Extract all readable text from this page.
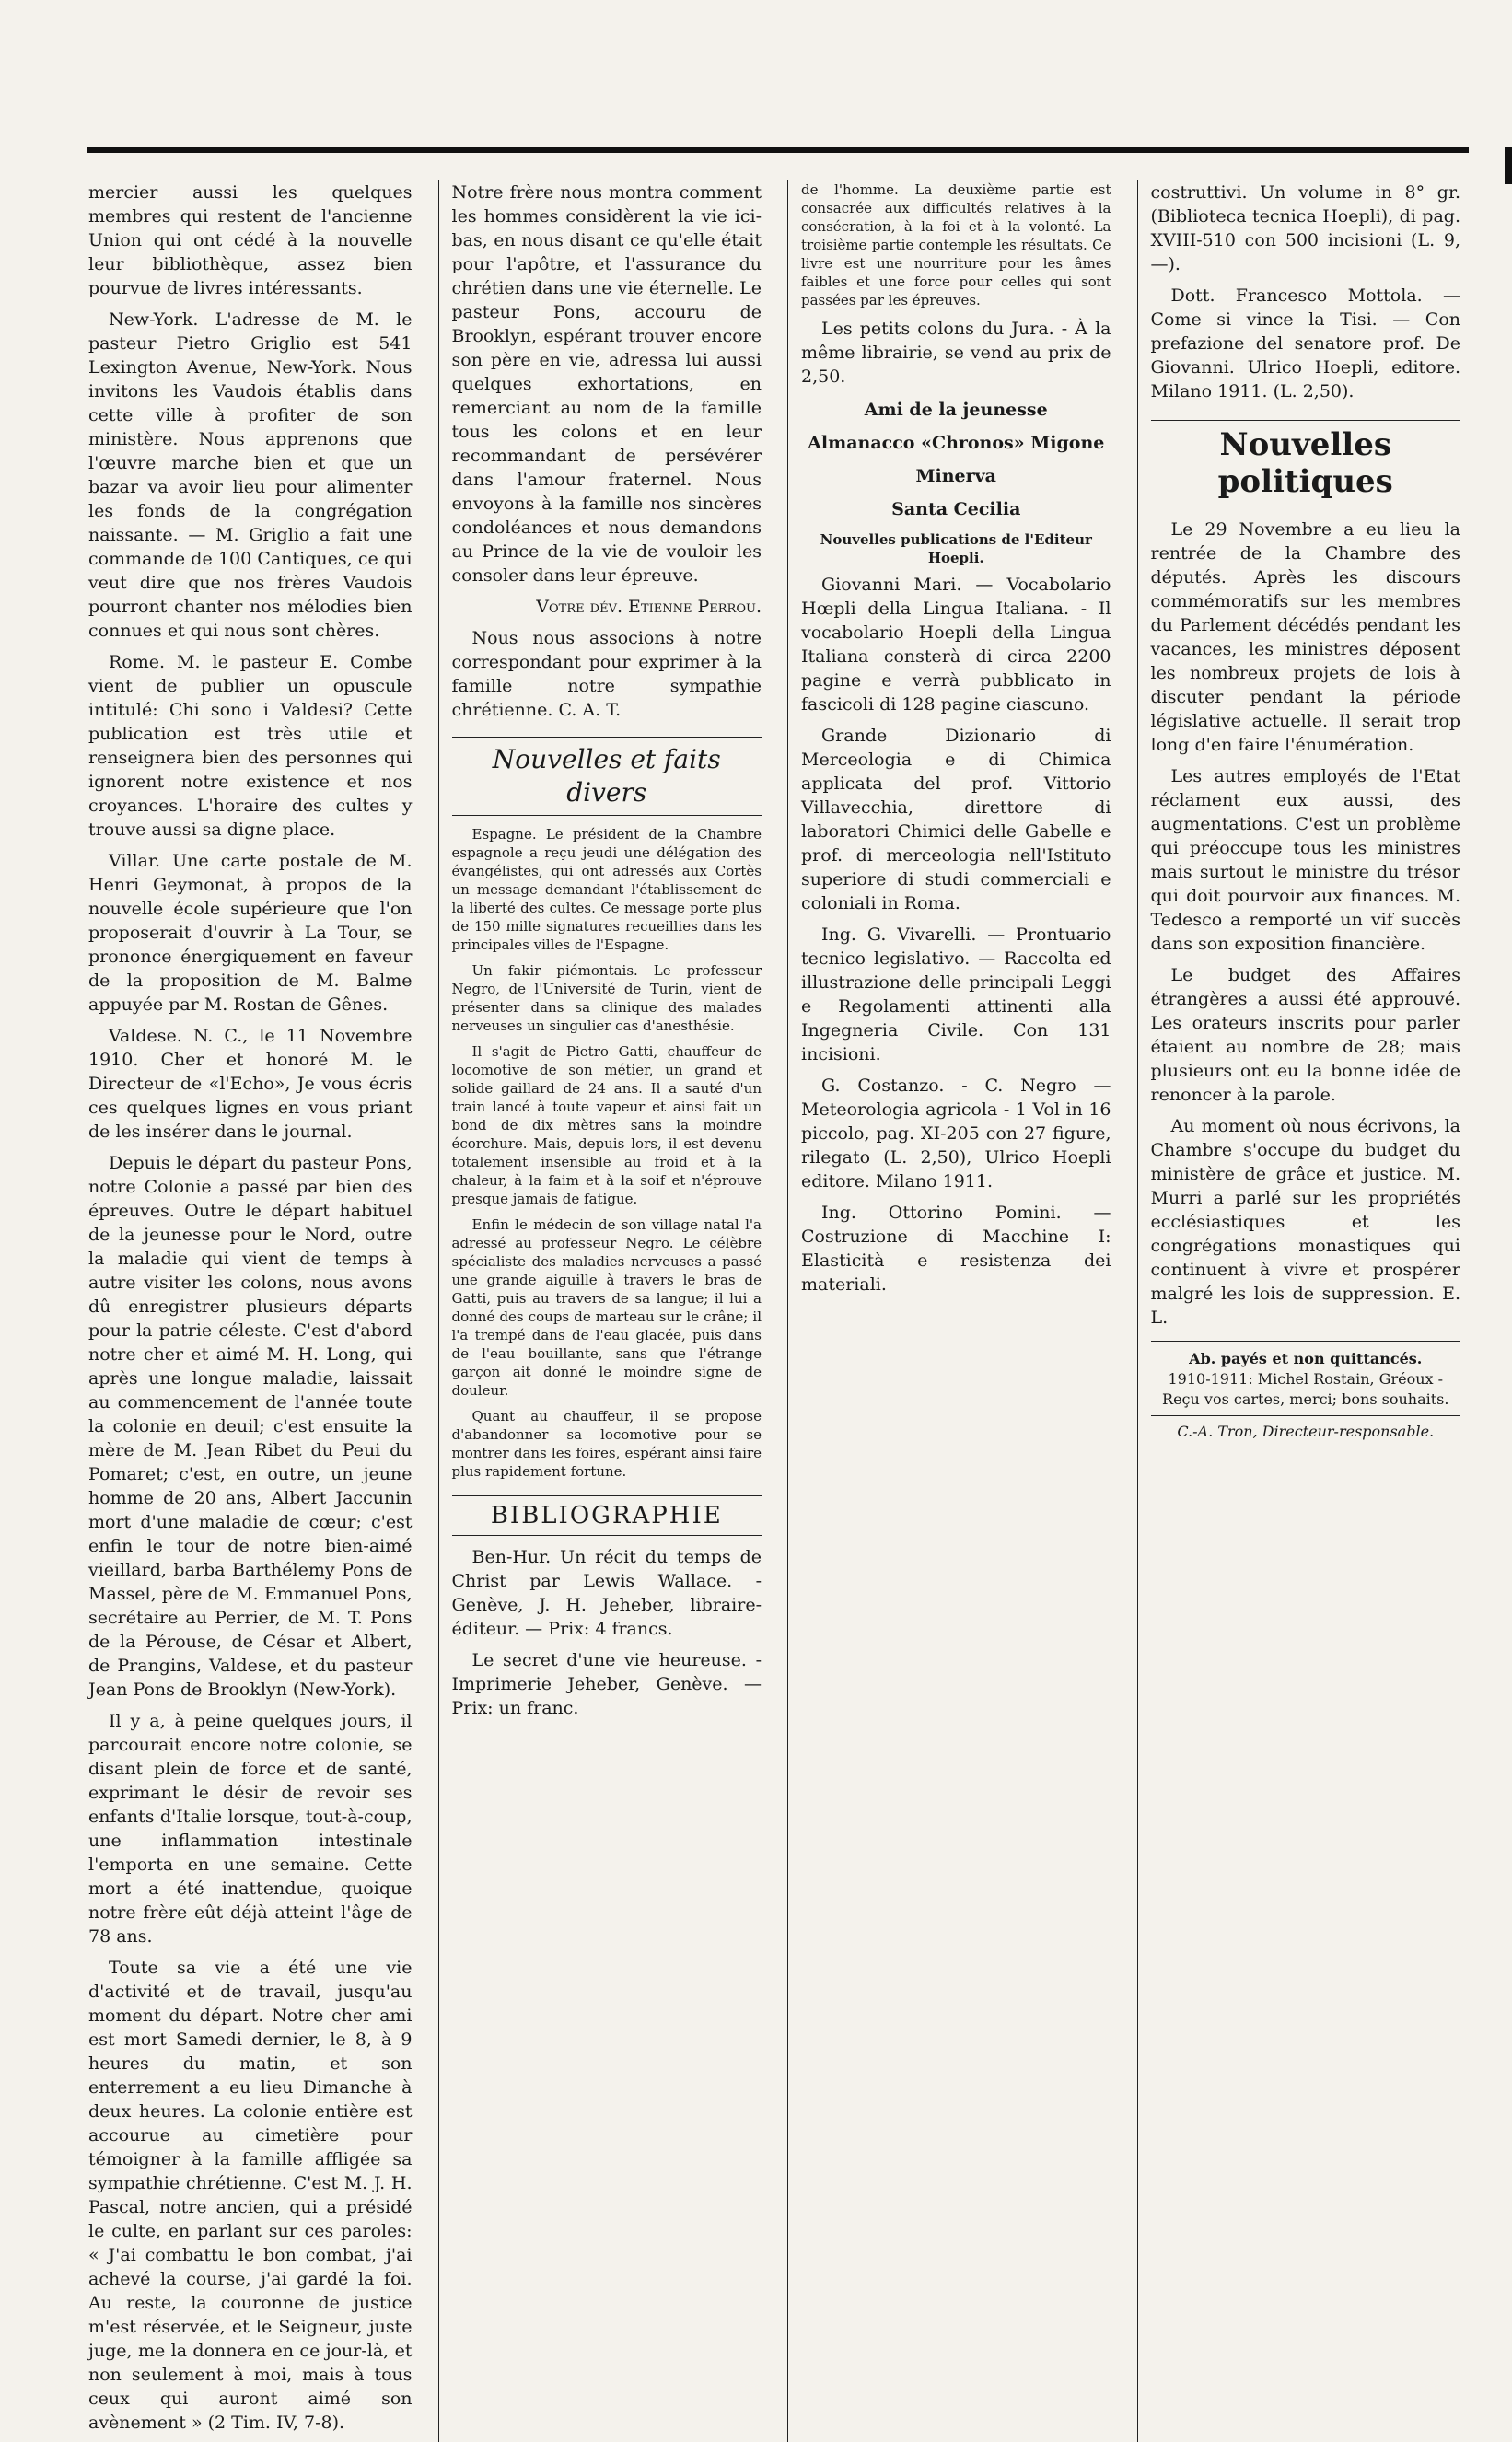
mercier aussi les quelques membres qui restent de l'ancienne Union qui ont cédé à la nouvelle leur bibliothèque, assez bien pourvue de livres intéressants.

New-York. L'adresse de M. le pasteur Pietro Griglio est 541 Lexington Avenue, New-York. Nous invitons les Vaudois établis dans cette ville à profiter de son ministère. Nous apprenons que l'œuvre marche bien et que un bazar va avoir lieu pour alimenter les fonds de la congrégation naissante. — M. Griglio a fait une commande de 100 Cantiques, ce qui veut dire que nos frères Vaudois pourront chanter nos mélodies bien connues et qui nous sont chères.

Rome. M. le pasteur E. Combe vient de publier un opuscule intitulé: Chi sono i Valdesi? Cette publication est très utile et renseignera bien des personnes qui ignorent notre existence et nos croyances. L'horaire des cultes y trouve aussi sa digne place.

Villar. Une carte postale de M. Henri Geymonat, à propos de la nouvelle école supérieure que l'on proposerait d'ouvrir à La Tour, se prononce énergiquement en faveur de la proposition de M. Balme appuyée par M. Rostan de Gênes.

Valdese. N. C., le 11 Novembre 1910. Cher et honoré M. le Directeur de «l'Echo», Je vous écris ces quelques lignes en vous priant de les insérer dans le journal.

Depuis le départ du pasteur Pons, notre Colonie a passé par bien des épreuves. Outre le départ habituel de la jeunesse pour le Nord, outre la maladie qui vient de temps à autre visiter les colons, nous avons dû enregistrer plusieurs départs pour la patrie céleste. C'est d'abord notre cher et aimé M. H. Long, qui après une longue maladie, laissait au commencement de l'année toute la colonie en deuil; c'est ensuite la mère de M. Jean Ribet du Peui du Pomaret; c'est, en outre, un jeune homme de 20 ans, Albert Jaccunin mort d'une maladie de cœur; c'est enfin le tour de notre bien-aimé vieillard, barba Barthélemy Pons de Massel, père de M. Emmanuel Pons, secrétaire au Perrier, de M. T. Pons de la Pérouse, de César et Albert, de Prangins, Valdese, et du pasteur Jean Pons de Brooklyn (New-York).

Il y a, à peine quelques jours, il parcourait encore notre colonie, se disant plein de force et de santé, exprimant le désir de revoir ses enfants d'Italie lorsque, tout-à-coup, une inflammation intestinale l'emporta en une semaine. Cette mort a été inattendue, quoique notre frère eût déjà atteint l'âge de 78 ans.

Toute sa vie a été une vie d'activité et de travail, jusqu'au moment du départ. Notre cher ami est mort Samedi dernier, le 8, à 9 heures du matin, et son enterrement a eu lieu Dimanche à deux heures. La colonie entière est accourue au cimetière pour témoigner à la famille affligée sa sympathie chrétienne. C'est M. J. H. Pascal, notre ancien, qui a présidé le culte, en parlant sur ces paroles: « J'ai combattu le bon combat, j'ai achevé la course, j'ai gardé la foi. Au reste, la couronne de justice m'est réservée, et le Seigneur, juste juge, me la donnera en ce jour-là, et non seulement à moi, mais à tous ceux qui auront aimé son avènement » (2 Tim. IV, 7-8).

Notre frère nous montra comment les hommes considèrent la vie ici-bas, en nous disant ce qu'elle était pour l'apôtre, et l'assurance du chrétien dans une vie éternelle. Le pasteur Pons, accouru de Brooklyn, espérant trouver encore son père en vie, adressa lui aussi quelques exhortations, en remerciant au nom de la famille tous les colons et en leur recommandant de persévérer dans l'amour fraternel. Nous envoyons à la famille nos sincères condoléances et nous demandons au Prince de la vie de vouloir les consoler dans leur épreuve.

Votre dév. Etienne Perrou.

Nous nous associons à notre correspondant pour exprimer à la famille notre sympathie chrétienne. C. A. T.

Nouvelles et faits divers

Espagne. Le président de la Chambre espagnole a reçu jeudi une délégation des évangélistes, qui ont adressés aux Cortès un message demandant l'établissement de la liberté des cultes. Ce message porte plus de 150 mille signatures recueillies dans les principales villes de l'Espagne.

Un fakir piémontais. Le professeur Negro, de l'Université de Turin, vient de présenter dans sa clinique des malades nerveuses un singulier cas d'anesthésie.

Il s'agit de Pietro Gatti, chauffeur de locomotive de son métier, un grand et solide gaillard de 24 ans. Il a sauté d'un train lancé à toute vapeur et ainsi fait un bond de dix mètres sans la moindre écorchure. Mais, depuis lors, il est devenu totalement insensible au froid et à la chaleur, à la faim et à la soif et n'éprouve presque jamais de fatigue.

Enfin le médecin de son village natal l'a adressé au professeur Negro. Le célèbre spécialiste des maladies nerveuses a passé une grande aiguille à travers le bras de Gatti, puis au travers de sa langue; il lui a donné des coups de marteau sur le crâne; il l'a trempé dans de l'eau glacée, puis dans de l'eau bouillante, sans que l'étrange garçon ait donné le moindre signe de douleur.

Quant au chauffeur, il se propose d'abandonner sa locomotive pour se montrer dans les foires, espérant ainsi faire plus rapidement fortune.

BIBLIOGRAPHIE

Ben-Hur. Un récit du temps de Christ par Lewis Wallace. - Genève, J. H. Jeheber, libraire-éditeur. — Prix: 4 francs.

Le secret d'une vie heureuse. - Imprimerie Jeheber, Genève. — Prix: un franc.

de l'homme. La deuxième partie est consacrée aux difficultés relatives à la consécration, à la foi et à la volonté. La troisième partie contemple les résultats. Ce livre est une nourriture pour les âmes faibles et une force pour celles qui sont passées par les épreuves.

Les petits colons du Jura. - À la même librairie, se vend au prix de 2,50.

Ami de la jeunesse

Almanacco «Chronos» Migone

Minerva

Santa Cecilia

Nouvelles publications de l'Editeur Hoepli.

Giovanni Mari. — Vocabolario Hœpli della Lingua Italiana. - Il vocabolario Hoepli della Lingua Italiana consterà di circa 2200 pagine e verrà pubblicato in fascicoli di 128 pagine ciascuno.

Grande Dizionario di Merceologia e di Chimica applicata del prof. Vittorio Villavecchia, direttore di laboratori Chimici delle Gabelle e prof. di merceologia nell'Istituto superiore di studi commerciali e coloniali in Roma.

Ing. G. Vivarelli. — Prontuario tecnico legislativo. — Raccolta ed illustrazione delle principali Leggi e Regolamenti attinenti alla Ingegneria Civile. Con 131 incisioni.

G. Costanzo. - C. Negro — Meteorologia agricola - 1 Vol in 16 piccolo, pag. XI-205 con 27 figure, rilegato (L. 2,50), Ulrico Hoepli editore. Milano 1911.

Ing. Ottorino Pomini. — Costruzione di Macchine I: Elasticità e resistenza dei materiali.

costruttivi. Un volume in 8° gr. (Biblioteca tecnica Hoepli), di pag. XVIII-510 con 500 incisioni (L. 9,—).

Dott. Francesco Mottola. — Come si vince la Tisi. — Con prefazione del senatore prof. De Giovanni. Ulrico Hoepli, editore. Milano 1911. (L. 2,50).

Nouvelles politiques

Le 29 Novembre a eu lieu la rentrée de la Chambre des députés. Après les discours commémoratifs sur les membres du Parlement décédés pendant les vacances, les ministres déposent les nombreux projets de lois à discuter pendant la période législative actuelle. Il serait trop long d'en faire l'énumération.

Les autres employés de l'Etat réclament eux aussi, des augmentations. C'est un problème qui préoccupe tous les ministres mais surtout le ministre du trésor qui doit pourvoir aux finances. M. Tedesco a remporté un vif succès dans son exposition financière.

Le budget des Affaires étrangères a aussi été approuvé. Les orateurs inscrits pour parler étaient au nombre de 28; mais plusieurs ont eu la bonne idée de renoncer à la parole.

Au moment où nous écrivons, la Chambre s'occupe du budget du ministère de grâce et justice. M. Murri a parlé sur les propriétés ecclésiastiques et les congrégations monastiques qui continuent à vivre et prospérer malgré les lois de suppression. E. L.

Ab. payés et non quittancés.
1910-1911: Michel Rostain, Gréoux - Reçu vos cartes, merci; bons souhaits.
C.-A. Tron, Directeur-responsable.
